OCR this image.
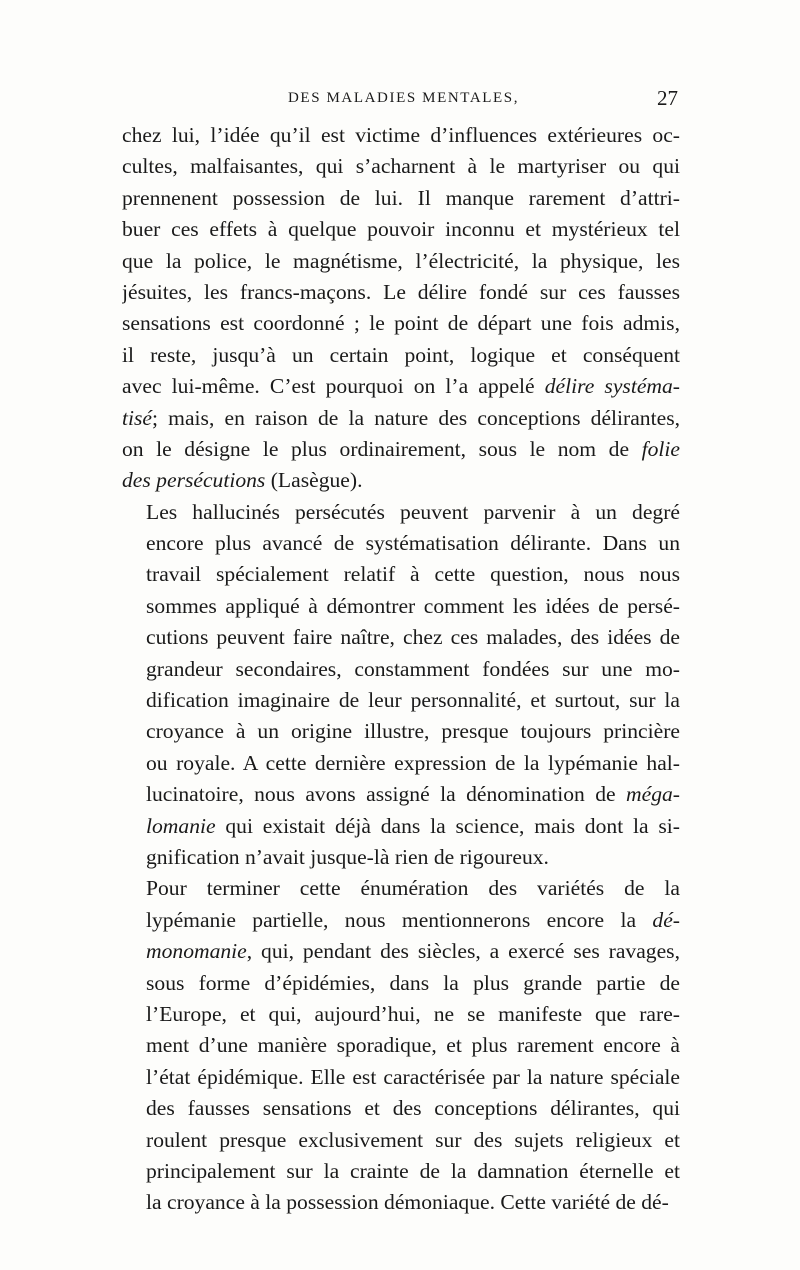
DES MALADIES MENTALES,	27
chez lui, l’idée qu’il est victime d’influences extérieures oc-
cultes, malfaisantes, qui s’acharnent à le martyriser ou qui
prennenent possession de lui. Il manque rarement d’attri-
buer ces effets à quelque pouvoir inconnu et mystérieux tel
que la police, le magnétisme, l’électricité, la physique, les
jésuites, les francs-maçons. Le délire fondé sur ces fausses
sensations est coordonné ; le point de départ une fois admis,
il reste, jusqu’à un certain point, logique et conséquent
avec lui-même. C’est pourquoi on l’a appelé délire systéma-
tisé; mais, en raison de la nature des conceptions délirantes,
on le désigne le plus ordinairement, sous le nom de folie
des persécutions (Lasègue).
Les hallucinés persécutés peuvent parvenir à un degré
encore plus avancé de systématisation délirante. Dans un
travail spécialement relatif à cette question, nous nous
sommes appliqué à démontrer comment les idées de persé-
cutions peuvent faire naître, chez ces malades, des idées de
grandeur secondaires, constamment fondées sur une mo-
dification imaginaire de leur personnalité, et surtout, sur la
croyance à un origine illustre, presque toujours princière
ou royale. A cette dernière expression de la lypémanie hal-
lucinatoire, nous avons assigné la dénomination de méga-
lomanie qui existait déjà dans la science, mais dont la si-
gnification n’avait jusque-là rien de rigoureux.
Pour terminer cette énumération des variétés de la
lypémanie partielle, nous mentionnerons encore la dé-
monomanie, qui, pendant des siècles, a exercé ses ravages,
sous forme d’épidémies, dans la plus grande partie de
l’Europe, et qui, aujourd’hui, ne se manifeste que rare-
ment d’une manière sporadique, et plus rarement encore à
l’état épidémique. Elle est caractérisée par la nature spéciale
des fausses sensations et des conceptions délirantes, qui
roulent presque exclusivement sur des sujets religieux et
principalement sur la crainte de la damnation éternelle et
la croyance à la possession démoniaque. Cette variété de dé-
